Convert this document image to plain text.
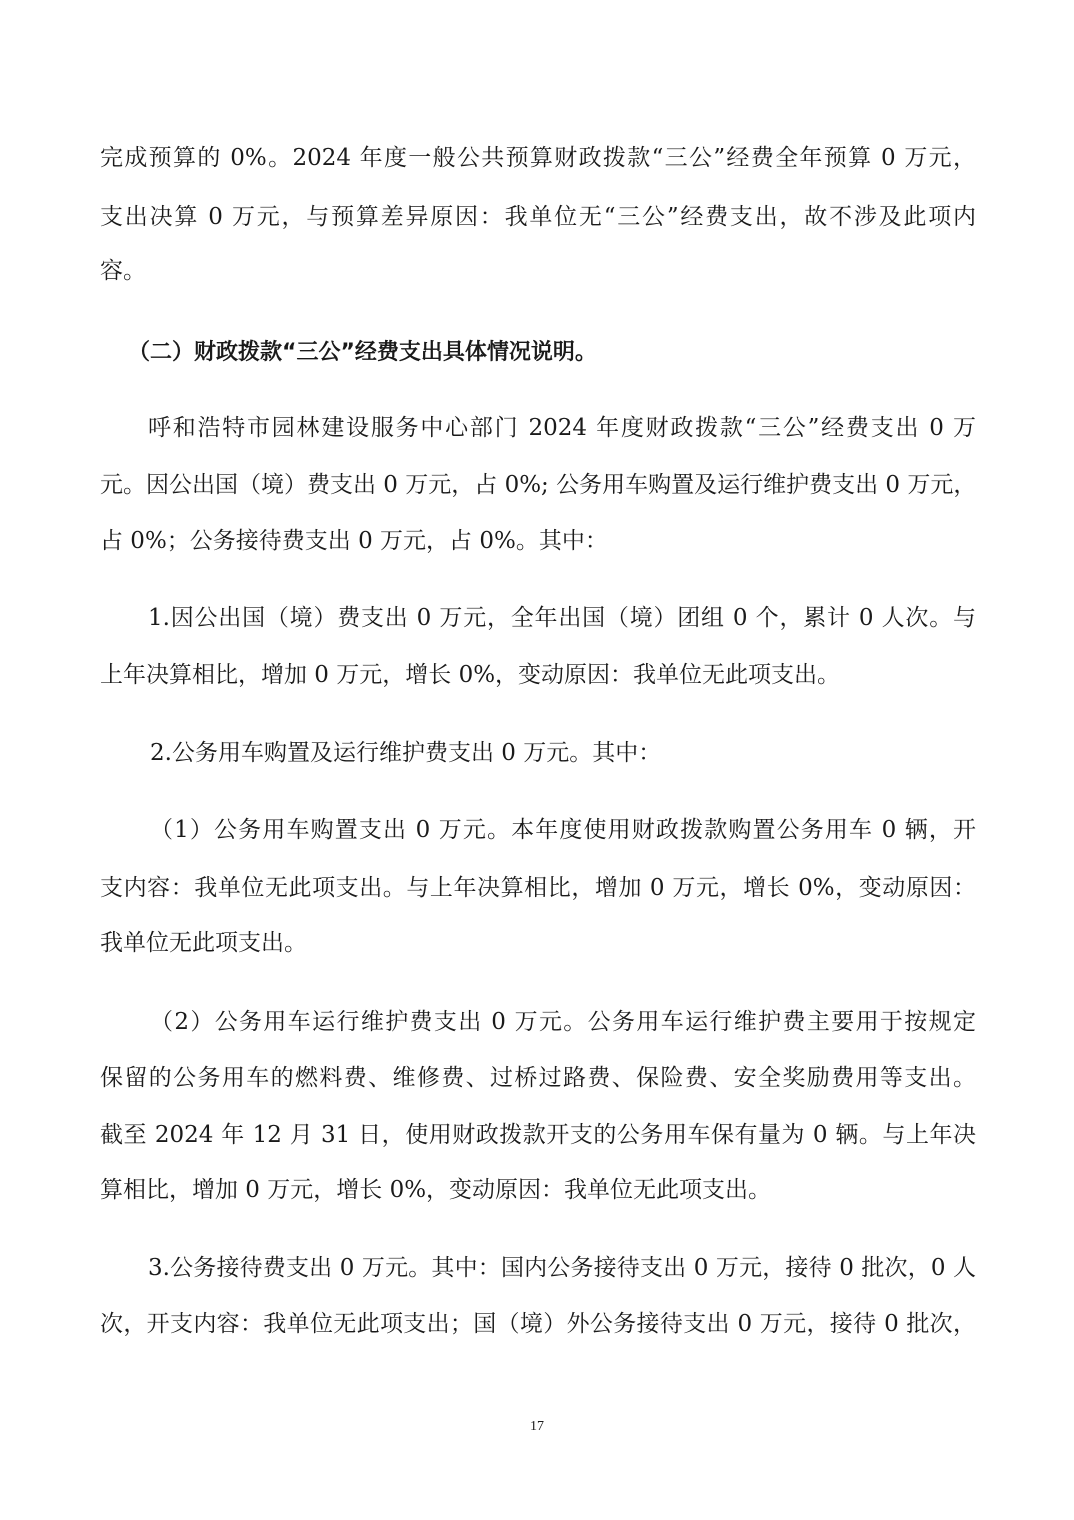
完成预算的 0%。2024 年度一般公共预算财政拨款“三公”经费全年预算 0 万元，
支出决算 0 万元，与预算差异原因：我单位无“三公”经费支出，故不涉及此项内
容。
（二）财政拨款“三公”经费支出具体情况说明。
呼和浩特市园林建设服务中心部门 2024 年度财政拨款“三公”经费支出 0 万
元。因公出国（境）费支出 0 万元，占 0%; 公务用车购置及运行维护费支出 0 万元，
占 0%；公务接待费支出 0 万元，占 0%。其中：
1.因公出国（境）费支出 0 万元，全年出国（境）团组 0 个，累计 0 人次。与
上年决算相比，增加 0 万元，增长 0%，变动原因：我单位无此项支出。
2.公务用车购置及运行维护费支出 0 万元。其中：
（1）公务用车购置支出 0 万元。本年度使用财政拨款购置公务用车 0 辆，开
支内容：我单位无此项支出。与上年决算相比，增加 0 万元，增长 0%，变动原因：
我单位无此项支出。
（2）公务用车运行维护费支出 0 万元。公务用车运行维护费主要用于按规定
保留的公务用车的燃料费、维修费、过桥过路费、保险费、安全奖励费用等支出。
截至 2024 年 12 月 31 日，使用财政拨款开支的公务用车保有量为 0 辆。与上年决
算相比，增加 0 万元，增长 0%，变动原因：我单位无此项支出。
3.公务接待费支出 0 万元。其中：国内公务接待支出 0 万元，接待 0 批次，0 人
次，开支内容：我单位无此项支出；国（境）外公务接待支出 0 万元，接待 0 批次，
17
